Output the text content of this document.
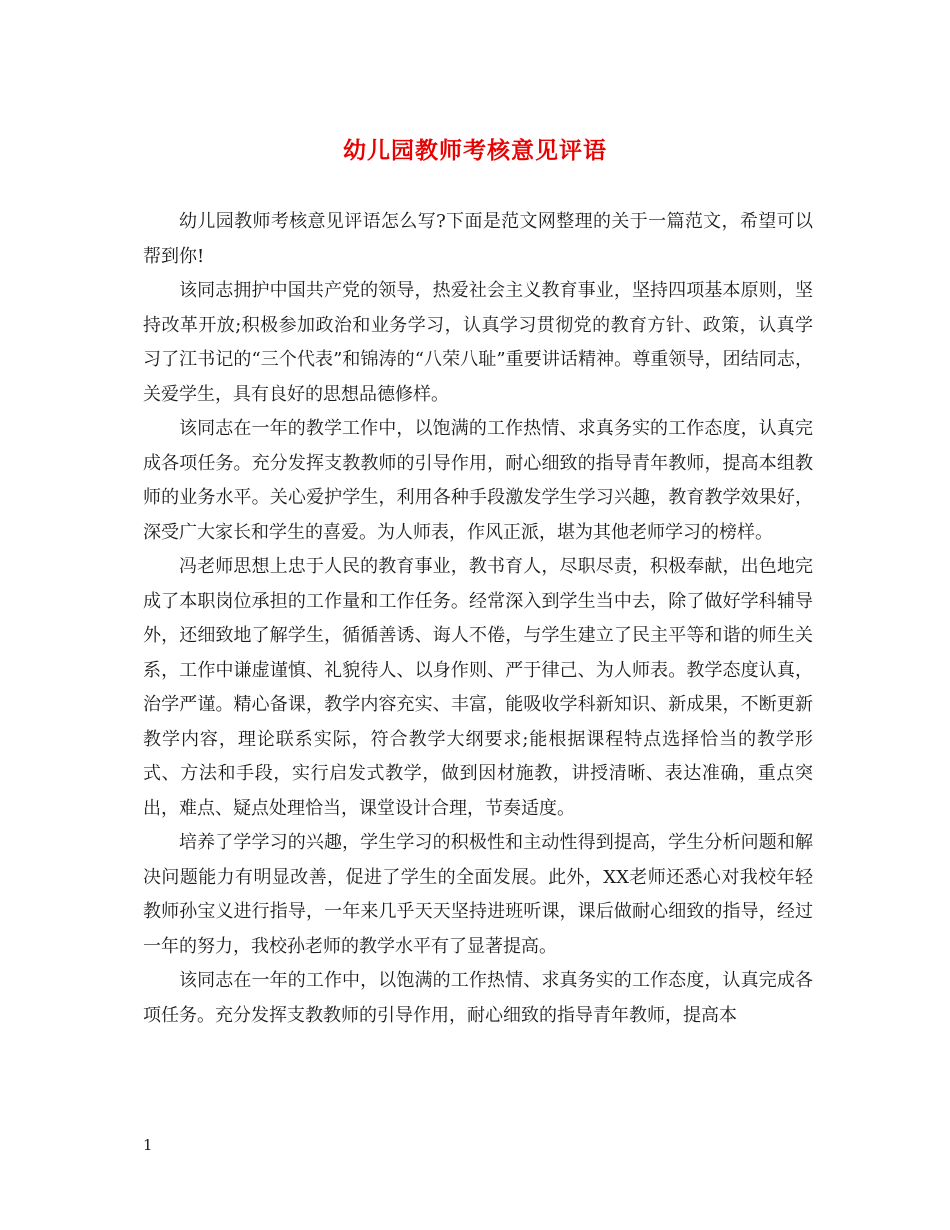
幼儿园教师考核意见评语

幼儿园教师考核意见评语怎么写?下面是范文网整理的关于一篇范文，希望可以帮到你!

该同志拥护中国共产党的领导，热爱社会主义教育事业，坚持四项基本原则，坚持改革开放;积极参加政治和业务学习，认真学习贯彻党的教育方针、政策，认真学习了江书记的“三个代表”和锦涛的“八荣八耻”重要讲话精神。尊重领导，团结同志，关爱学生，具有良好的思想品德修样。

该同志在一年的教学工作中，以饱满的工作热情、求真务实的工作态度，认真完成各项任务。充分发挥支教教师的引导作用，耐心细致的指导青年教师，提高本组教师的业务水平。关心爱护学生，利用各种手段激发学生学习兴趣，教育教学效果好，深受广大家长和学生的喜爱。为人师表，作风正派，堪为其他老师学习的榜样。

冯老师思想上忠于人民的教育事业，教书育人，尽职尽责，积极奉献，出色地完成了本职岗位承担的工作量和工作任务。经常深入到学生当中去，除了做好学科辅导外，还细致地了解学生，循循善诱、诲人不倦，与学生建立了民主平等和谐的师生关系，工作中谦虚谨慎、礼貌待人、以身作则、严于律己、为人师表。教学态度认真，治学严谨。精心备课，教学内容充实、丰富，能吸收学科新知识、新成果，不断更新教学内容，理论联系实际，符合教学大纲要求;能根据课程特点选择恰当的教学形式、方法和手段，实行启发式教学，做到因材施教，讲授清晰、表达准确，重点突出，难点、疑点处理恰当，课堂设计合理，节奏适度。

培养了学学习的兴趣，学生学习的积极性和主动性得到提高，学生分析问题和解决问题能力有明显改善，促进了学生的全面发展。此外，XX老师还悉心对我校年轻教师孙宝义进行指导，一年来几乎天天坚持进班听课，课后做耐心细致的指导，经过一年的努力，我校孙老师的教学水平有了显著提高。

该同志在一年的工作中，以饱满的工作热情、求真务实的工作态度，认真完成各项任务。充分发挥支教教师的引导作用，耐心细致的指导青年教师，提高本

1
